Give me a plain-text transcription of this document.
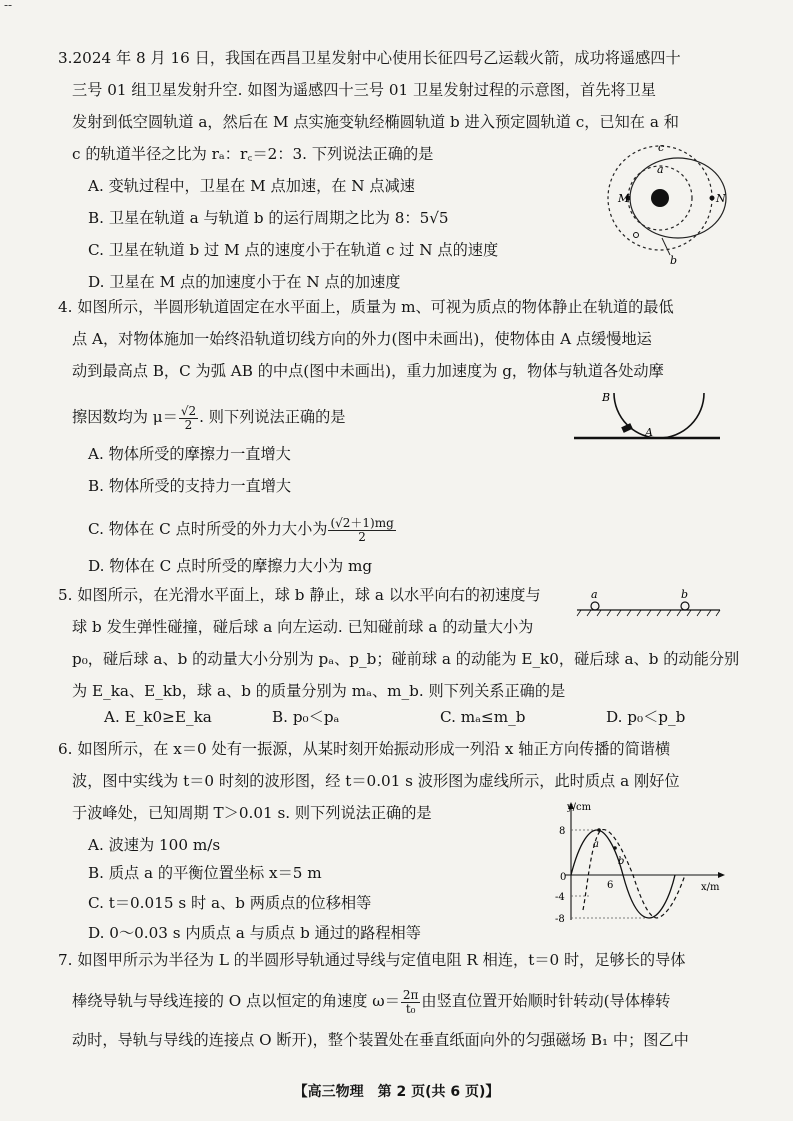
--
3.2024 年 8 月 16 日，我国在西昌卫星发射中心使用长征四号乙运载火箭，成功将遥感四十
三号 01 组卫星发射升空. 如图为遥感四十三号 01 卫星发射过程的示意图，首先将卫星
发射到低空圆轨道 a，然后在 M 点实施变轨经椭圆轨道 b 进入预定圆轨道 c，已知在 a 和
c 的轨道半径之比为 rₐ：r꜀＝2：3. 下列说法正确的是
A. 变轨过程中，卫星在 M 点加速，在 N 点减速
B. 卫星在轨道 a 与轨道 b 的运行周期之比为 8：5√5
C. 卫星在轨道 b 过 M 点的速度小于在轨道 c 过 N 点的速度
D. 卫星在 M 点的加速度小于在 N 点的加速度
c
a
M	N
b
4. 如图所示，半圆形轨道固定在水平面上，质量为 m、可视为质点的物体静止在轨道的最低
点 A，对物体施加一始终沿轨道切线方向的外力(图中未画出)，使物体由 A 点缓慢地运
动到最高点 B，C 为弧 AB 的中点(图中未画出)，重力加速度为 g，物体与轨道各处动摩
擦因数均为 $\mu= \frac{√2}{2}$ . 则下列说法正确的是
A. 物体所受的摩擦力一直增大
B. 物体所受的支持力一直增大
C. 物体在 C 点时所受的外力大小为 $\frac{(√2+1)mg}{2}$
D. 物体在 C 点时所受的摩擦力大小为 mg
B
A
5. 如图所示，在光滑水平面上，球 b 静止，球 a 以水平向右的初速度与
球 b 发生弹性碰撞，碰后球 a 向左运动. 已知碰前球 a 的动量大小为
p₀，碰后球 a、b 的动量大小分别为 pₐ、p_b；碰前球 a 的动能为 E_k0，碰后球 a、b 的动能分别
为 E_ka、E_kb，球 a、b 的质量分别为 mₐ、m_b. 则下列关系正确的是
A. E_k0≥E_ka	B. p₀＜pₐ	C. mₐ≤m_b	D. p₀＜p_b
a	b
6. 如图所示，在 x＝0 处有一振源，从某时刻开始振动形成一列沿 x 轴正方向传播的简谐横
波，图中实线为 t＝0 时刻的波形图，经 t＝0.01 s 波形图为虚线所示，此时质点 a 刚好位
于波峰处，已知周期 T＞0.01 s. 则下列说法正确的是
A. 波速为 100 m/s
B. 质点 a 的平衡位置坐标 x＝5 m
C. t＝0.015 s 时 a、b 两质点的位移相等
D. 0～0.03 s 内质点 a 与质点 b 通过的路程相等
y/cm
x/m
8
-4
-8
0
6
a
b
7. 如图甲所示为半径为 L 的半圆形导轨通过导线与定值电阻 R 相连，t＝0 时，足够长的导体
棒绕导轨与导线连接的 O 点以恒定的角速度 $\omega= \frac{2\pi}{\text{t₀}}$ 由竖直位置开始顺时针转动(导体棒转
动时，导轨与导线的连接点 O 断开)，整个装置处在垂直纸面向外的匀强磁场 B₁ 中；图乙中
【高三物理　第 2 页(共 6 页)】
